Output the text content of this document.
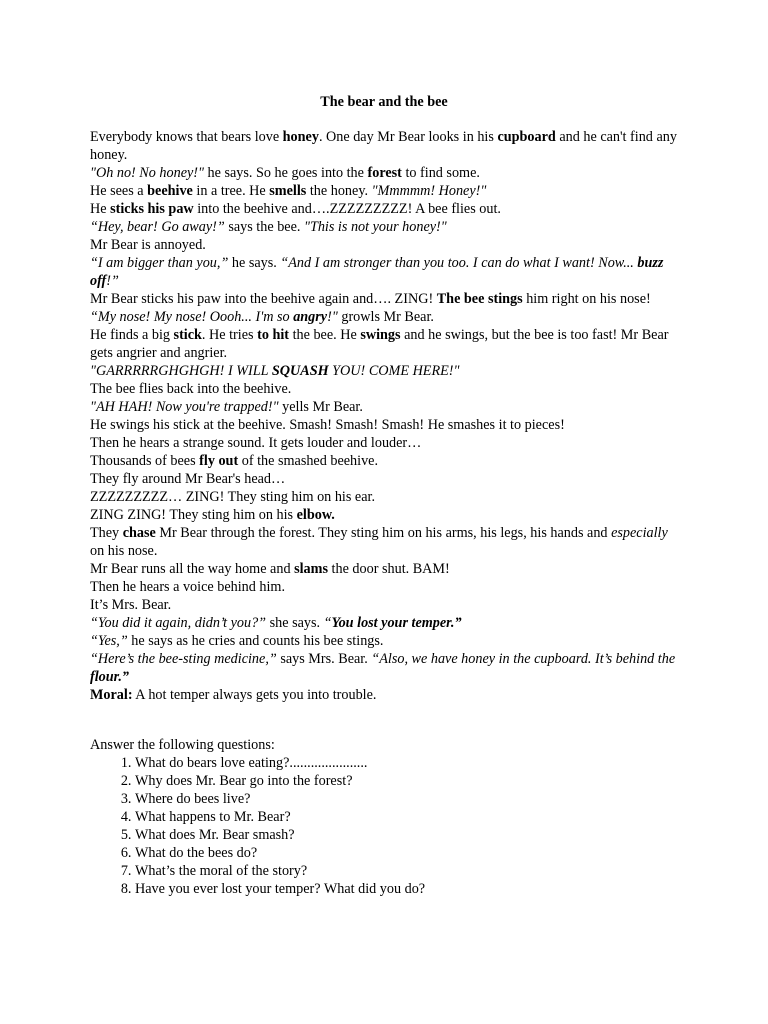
The bear and the bee

Everybody knows that bears love honey. One day Mr Bear looks in his cupboard and he can't find any honey.

"Oh no! No honey!" he says. So he goes into the forest to find some.

He sees a beehive in a tree. He smells the honey. "Mmmmm! Honey!"

He sticks his paw into the beehive and….ZZZZZZZZZ! A bee flies out.

“Hey, bear! Go away!” says the bee. "This is not your honey!"

Mr Bear is annoyed.

“I am bigger than you,” he says. “And I am stronger than you too. I can do what I want! Now... buzz off!”

Mr Bear sticks his paw into the beehive again and…. ZING! The bee stings him right on his nose!

“My nose! My nose! Oooh... I'm so angry!" growls Mr Bear.

He finds a big stick. He tries to hit the bee. He swings and he swings, but the bee is too fast! Mr Bear gets angrier and angrier.

"GARRRRRGHGHGH! I WILL SQUASH YOU! COME HERE!"

The bee flies back into the beehive.

"AH HAH! Now you're trapped!" yells Mr Bear.

He swings his stick at the beehive. Smash! Smash! Smash! He smashes it to pieces!

Then he hears a strange sound. It gets louder and louder…

Thousands of bees fly out of the smashed beehive.

They fly around Mr Bear's head…

ZZZZZZZZZ… ZING! They sting him on his ear.

ZING ZING! They sting him on his elbow.

They chase Mr Bear through the forest. They sting him on his arms, his legs, his hands and especially on his nose.

Mr Bear runs all the way home and slams the door shut. BAM!

Then he hears a voice behind him.

It’s Mrs. Bear.

“You did it again, didn’t you?” she says. “You lost your temper.”

“Yes,” he says as he cries and counts his bee stings.

“Here’s the bee-sting medicine,” says Mrs. Bear. “Also, we have honey in the cupboard. It’s behind the flour.”

Moral: A hot temper always gets you into trouble.

Answer the following questions:

1. What do bears love eating?......................
2. Why does Mr. Bear go into the forest?
3. Where do bees live?
4. What happens to Mr. Bear?
5. What does Mr. Bear smash?
6. What do the bees do?
7. What’s the moral of the story?
8. Have you ever lost your temper? What did you do?
